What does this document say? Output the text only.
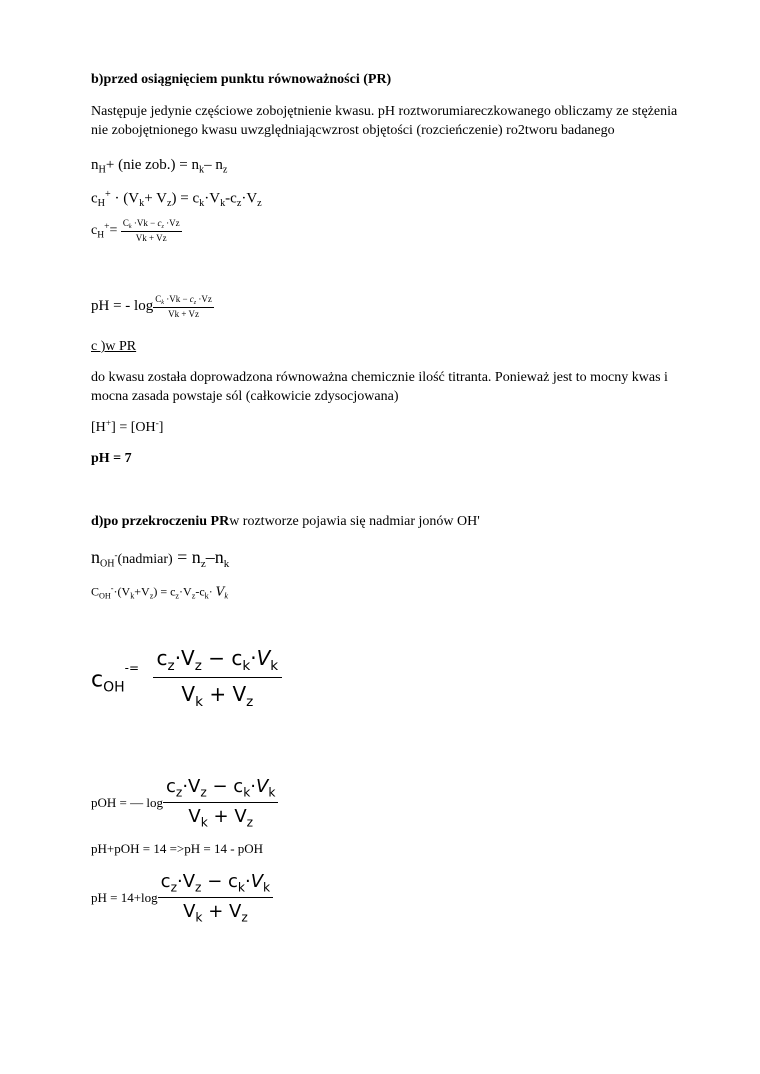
b)przed osiągnięciem punktu równoważności (PR)
Następuje jedynie częściowe zobojętnienie kwasu. pH roztworumiareczkowanego obliczamy ze stężenia
nie zobojętnionego kwasu uwzględniającwzrost objętości (rozcieńczenie) ro2tworu badanego
$n_H+ (nie$ $zob.) = n_k-$ $n_z$
$c_H^+ \cdot (V_k+ V_z) = c_k\cdot V_k-c_z\cdot V_z$
$c_H^+= \frac{C_k \cdot Vk - c_z \cdot Vz}{Vk + Vz}$
pH = - $\log \frac{C_k \cdot Vk - c_z \cdot Vz}{Vk + Vz}$
c )w PR
do kwasu została doprowadzona równoważna chemicznie ilość titranta. Ponieważ jest to mocny kwas i
mocna zasada powstaje sól (całkowicie zdysocjowana)
[H+] = [OH-]
pH = 7
d)po przekroczeniu PRw roztworze pojawia się nadmiar jonów OH'
$n_{OH}^-(nadmiar) = n_z-n_k$
$C_{OH}^-\cdot(V_k+V_z) = c_z\cdot V_z-c_k\cdot V_k$
$c_{OH}^{-=} \frac{c_z\cdot V_z - c_k\cdot V_k}{V_k + V_z}$
pOH = — $\log \frac{c_z\cdot V_z - c_k\cdot V_k}{V_k + V_z}$
pH+pOH = 14 =>pH = 14 - pOH
pH = $14+\log \frac{c_z\cdot V_z - c_k\cdot V_k}{V_k + V_z}$
